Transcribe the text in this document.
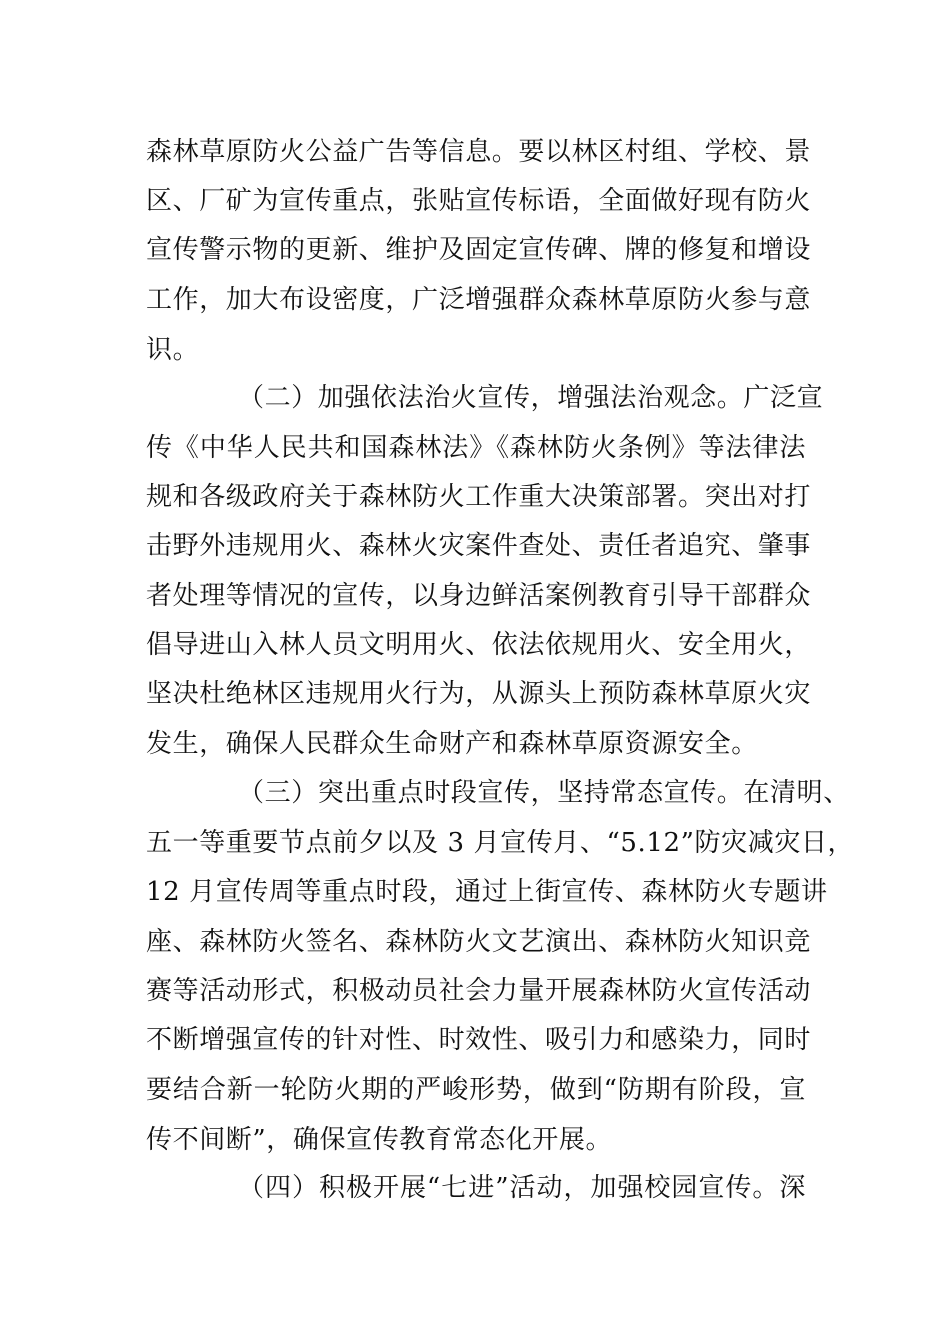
森林草原防火公益广告等信息。要以林区村组、学校、景
区、厂矿为宣传重点，张贴宣传标语，全面做好现有防火
宣传警示物的更新、维护及固定宣传碑、牌的修复和增设
工作，加大布设密度，广泛增强群众森林草原防火参与意
识。
（二）加强依法治火宣传，增强法治观念。广泛宣
传《中华人民共和国森林法》《森林防火条例》等法律法
规和各级政府关于森林防火工作重大决策部署。突出对打
击野外违规用火、森林火灾案件查处、责任者追究、肇事
者处理等情况的宣传，以身边鲜活案例教育引导干部群众
倡导进山入林人员文明用火、依法依规用火、安全用火，
坚决杜绝林区违规用火行为，从源头上预防森林草原火灾
发生，确保人民群众生命财产和森林草原资源安全。
（三）突出重点时段宣传，坚持常态宣传。在清明、
五一等重要节点前夕以及 3 月宣传月、“5.12”防灾减灾日，
12 月宣传周等重点时段，通过上街宣传、森林防火专题讲
座、森林防火签名、森林防火文艺演出、森林防火知识竞
赛等活动形式，积极动员社会力量开展森林防火宣传活动
不断增强宣传的针对性、时效性、吸引力和感染力，同时
要结合新一轮防火期的严峻形势，做到“防期有阶段，宣
传不间断”，确保宣传教育常态化开展。
（四）积极开展“七进”活动，加强校园宣传。深
